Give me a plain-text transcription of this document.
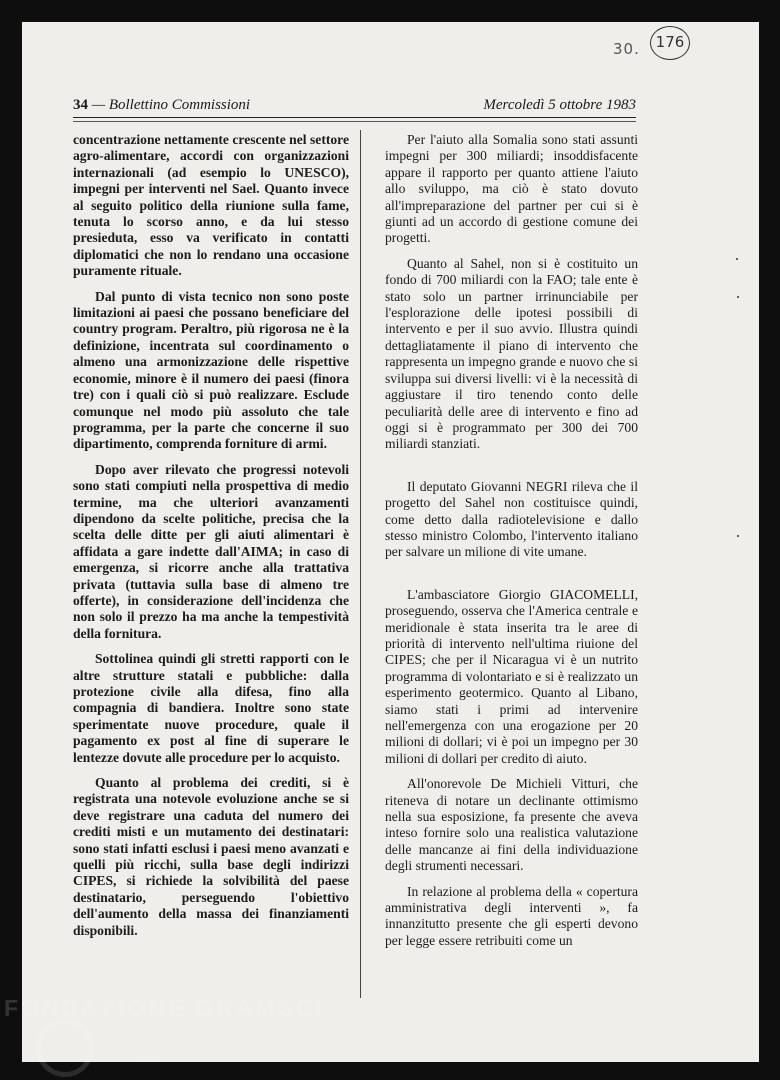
30. 176
34 — Bollettino Commissioni	Mercoledì 5 ottobre 1983

concentrazione nettamente crescente nel settore agro-alimentare, accordi con organizzazioni internazionali (ad esempio lo UNESCO), impegni per interventi nel Sael. Quanto invece al seguito politico della riunione sulla fame, tenuta lo scorso anno, e da lui stesso presieduta, esso va verificato in contatti diplomatici che non lo rendano una occasione puramente rituale.

Dal punto di vista tecnico non sono poste limitazioni ai paesi che possano beneficiare del country program. Peraltro, più rigorosa ne è la definizione, incentrata sul coordinamento o almeno una armonizzazione delle rispettive economie, minore è il numero dei paesi (finora tre) con i quali ciò si può realizzare. Esclude comunque nel modo più assoluto che tale programma, per la parte che concerne il suo dipartimento, comprenda forniture di armi.

Dopo aver rilevato che progressi notevoli sono stati compiuti nella prospettiva di medio termine, ma che ulteriori avanzamenti dipendono da scelte politiche, precisa che la scelta delle ditte per gli aiuti alimentari è affidata a gare indette dall'AIMA; in caso di emergenza, si ricorre anche alla trattativa privata (tuttavia sulla base di almeno tre offerte), in considerazione dell'incidenza che non solo il prezzo ha ma anche la tempestività della fornitura.

Sottolinea quindi gli stretti rapporti con le altre strutture statali e pubbliche: dalla protezione civile alla difesa, fino alla compagnia di bandiera. Inoltre sono state sperimentate nuove procedure, quale il pagamento ex post al fine di superare le lentezze dovute alle procedure per lo acquisto.

Quanto al problema dei crediti, si è registrata una notevole evoluzione anche se si deve registrare una caduta del numero dei crediti misti e un mutamento dei destinatari: sono stati infatti esclusi i paesi meno avanzati e quelli più ricchi, sulla base degli indirizzi CIPES, si richiede la solvibilità del paese destinatario, perseguendo l'obiettivo dell'aumento della massa dei finanziamenti disponibili.

Per l'aiuto alla Somalia sono stati assunti impegni per 300 miliardi; insoddisfacente appare il rapporto per quanto attiene l'aiuto allo sviluppo, ma ciò è stato dovuto all'impreparazione del partner per cui si è giunti ad un accordo di gestione comune dei progetti.

Quanto al Sahel, non si è costituito un fondo di 700 miliardi con la FAO; tale ente è stato solo un partner irrinunciabile per l'esplorazione delle ipotesi possibili di intervento e per il suo avvio. Illustra quindi dettagliatamente il piano di intervento che rappresenta un impegno grande e nuovo che si sviluppa sui diversi livelli: vi è la necessità di aggiustare il tiro tenendo conto delle peculiarità delle aree di intervento e fino ad oggi si è programmato per 300 dei 700 miliardi stanziati.

Il deputato Giovanni NEGRI rileva che il progetto del Sahel non costituisce quindi, come detto dalla radiotelevisione e dallo stesso ministro Colombo, l'intervento italiano per salvare un milione di vite umane.

L'ambasciatore Giorgio GIACOMELLI, proseguendo, osserva che l'America centrale e meridionale è stata inserita tra le aree di priorità di intervento nell'ultima riuione del CIPES; che per il Nicaragua vi è un nutrito programma di volontariato e si è realizzato un esperimento geotermico. Quanto al Libano, siamo stati i primi ad intervenire nell'emergenza con una erogazione per 20 milioni di dollari; vi è poi un impegno per 30 milioni di dollari per credito di aiuto.

All'onorevole De Michieli Vitturi, che riteneva di notare un declinante ottimismo nella sua esposizione, fa presente che aveva inteso fornire solo una realistica valutazione delle mancanze ai fini della individuazione degli strumenti necessari.

In relazione al problema della « copertura amministrativa degli interventi », fa innanzitutto presente che gli esperti devono per legge essere retribuiti come un

FONDAZIONE GRAMSCI
onlus
